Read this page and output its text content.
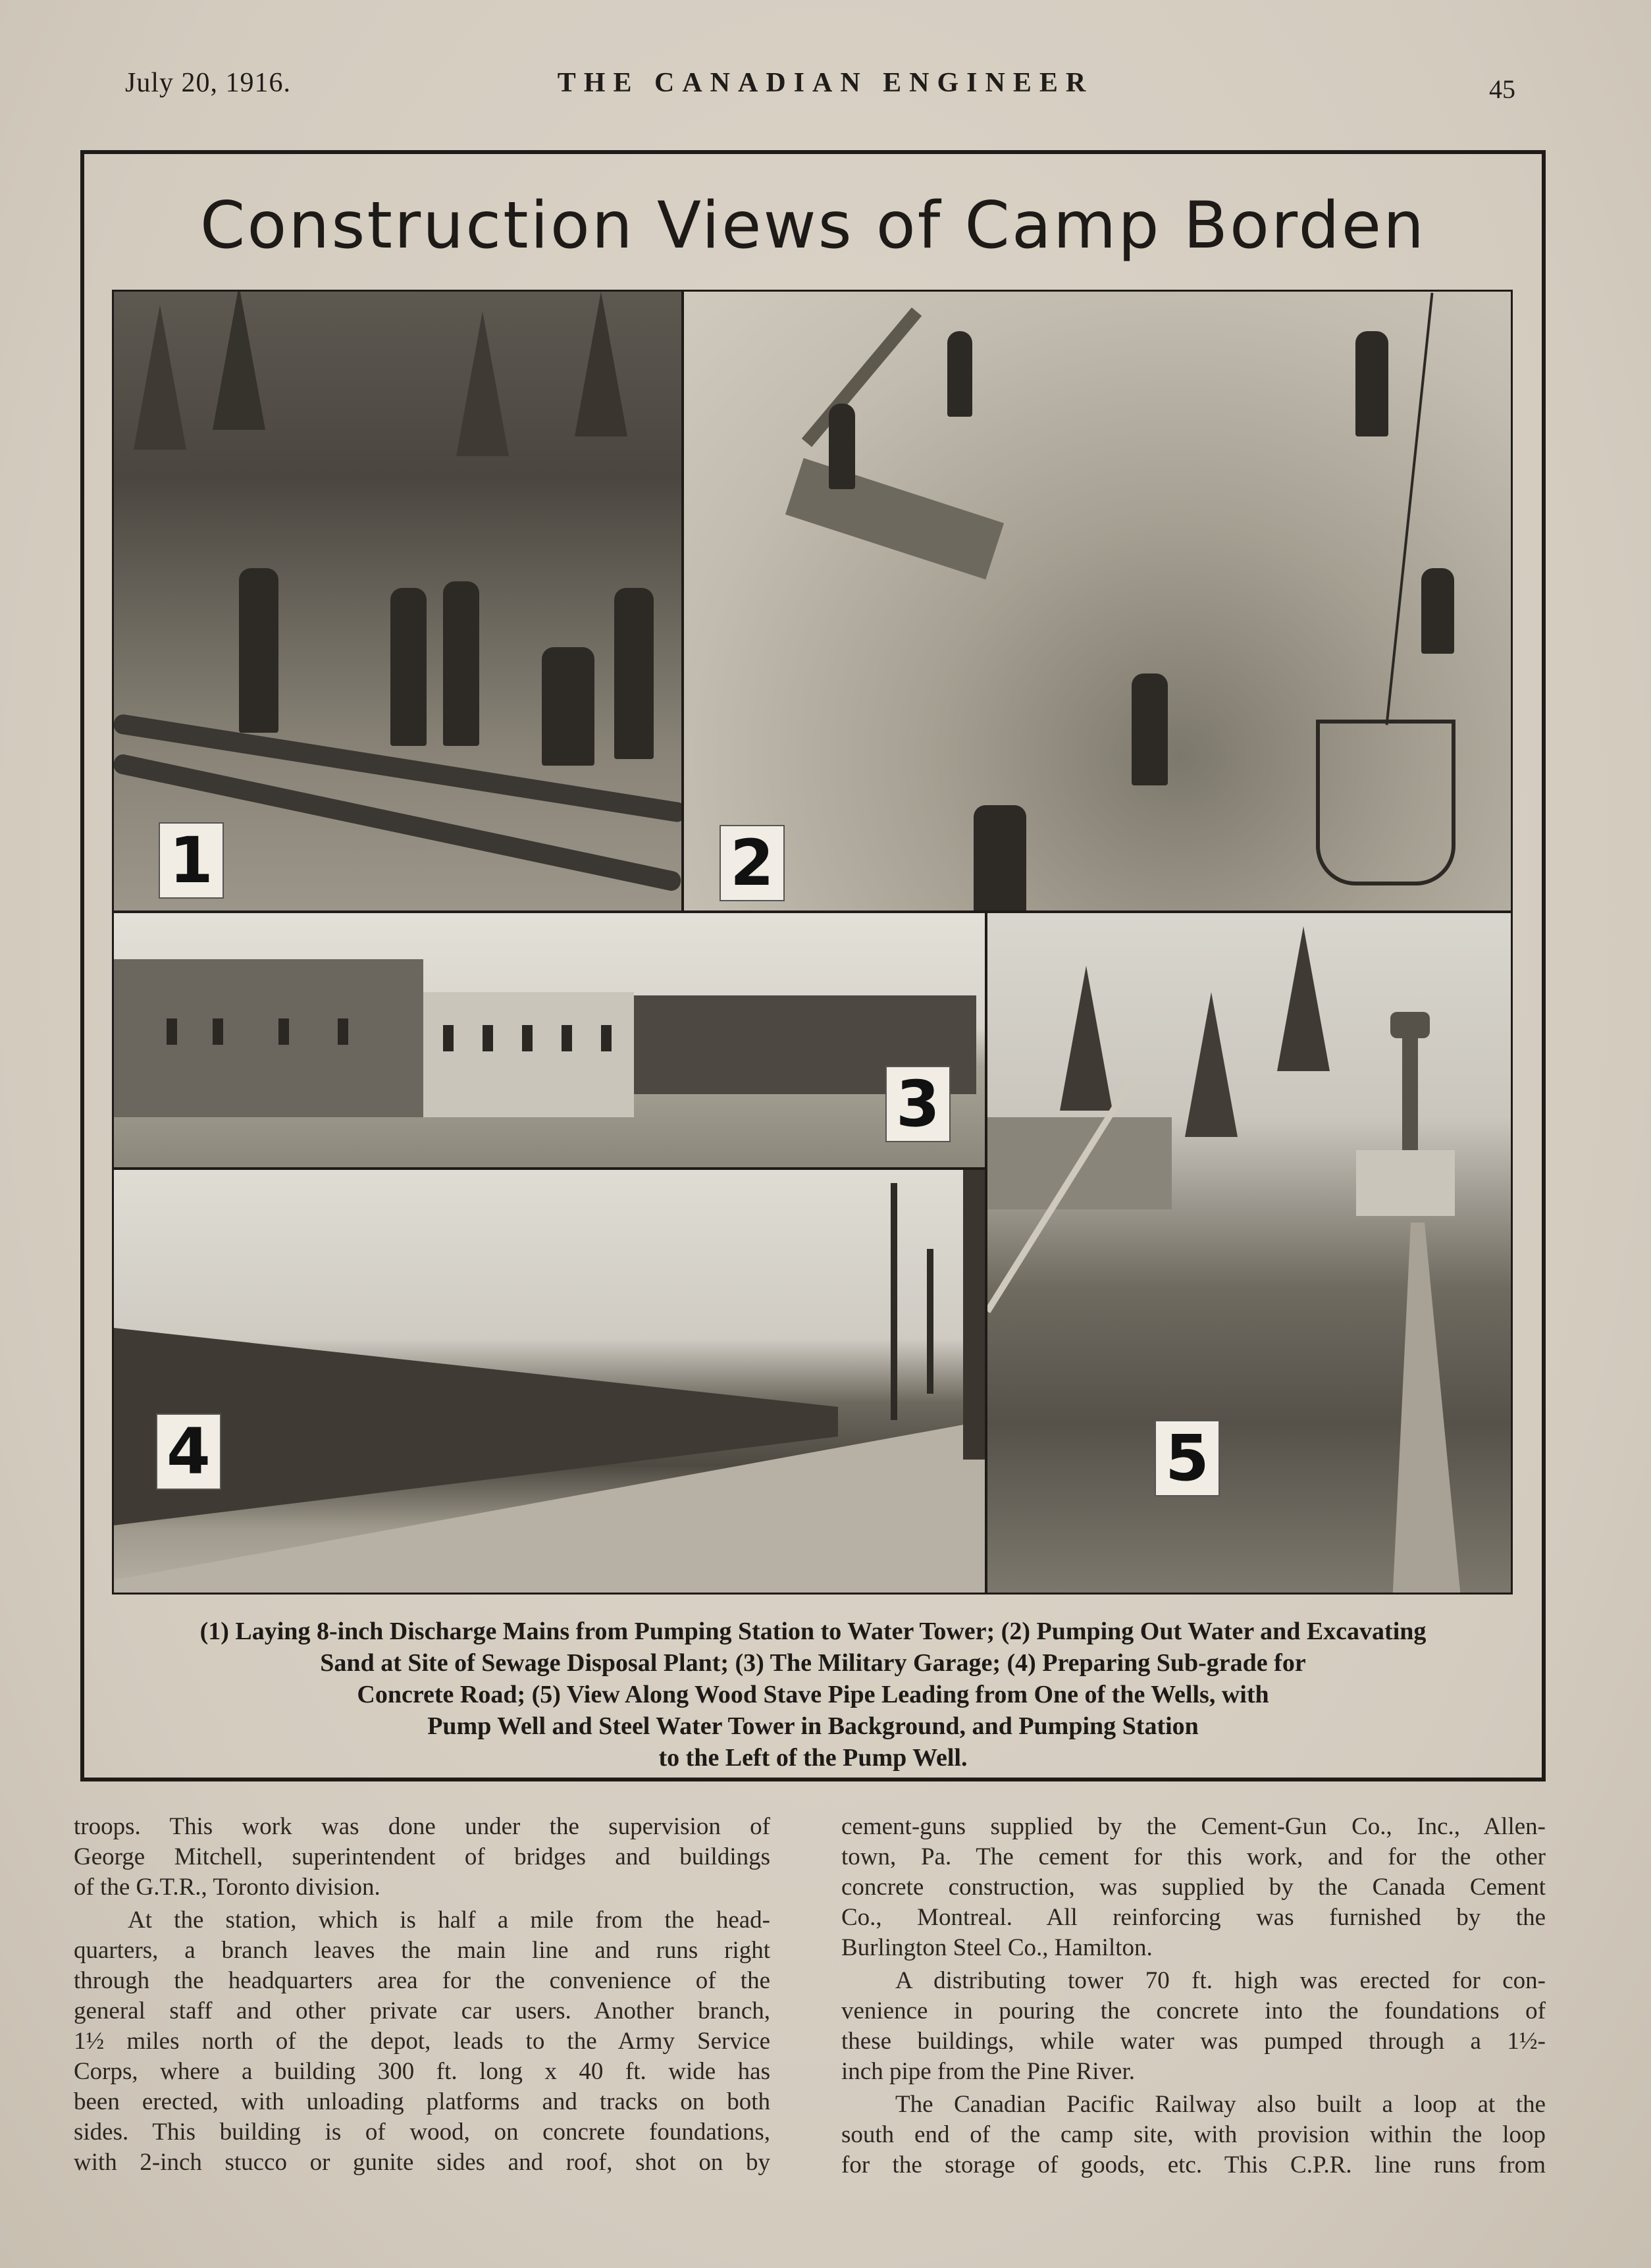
July 20, 1916.	THE CANADIAN ENGINEER	45
Construction Views of Camp Borden
1	2
3
4	5
(1) Laying 8-inch Discharge Mains from Pumping Station to Water Tower; (2) Pumping Out Water and Excavating
Sand at Site of Sewage Disposal Plant; (3) The Military Garage; (4) Preparing Sub-grade for
Concrete Road; (5) View Along Wood Stave Pipe Leading from One of the Wells, with
Pump Well and Steel Water Tower in Background, and Pumping Station
to the Left of the Pump Well.

troops. This work was done under the supervision of
George Mitchell, superintendent of bridges and buildings
of the G.T.R., Toronto division.

At the station, which is half a mile from the head-
quarters, a branch leaves the main line and runs right
through the headquarters area for the convenience of the
general staff and other private car users. Another branch,
1½ miles north of the depot, leads to the Army Service
Corps, where a building 300 ft. long x 40 ft. wide has
been erected, with unloading platforms and tracks on both
sides. This building is of wood, on concrete foundations,
with 2-inch stucco or gunite sides and roof, shot on by

cement-guns supplied by the Cement-Gun Co., Inc., Allen-
town, Pa. The cement for this work, and for the other
concrete construction, was supplied by the Canada Cement
Co., Montreal. All reinforcing was furnished by the
Burlington Steel Co., Hamilton.

A distributing tower 70 ft. high was erected for con-
venience in pouring the concrete into the foundations of
these buildings, while water was pumped through a 1½-
inch pipe from the Pine River.

The Canadian Pacific Railway also built a loop at the
south end of the camp site, with provision within the loop
for the storage of goods, etc. This C.P.R. line runs from
